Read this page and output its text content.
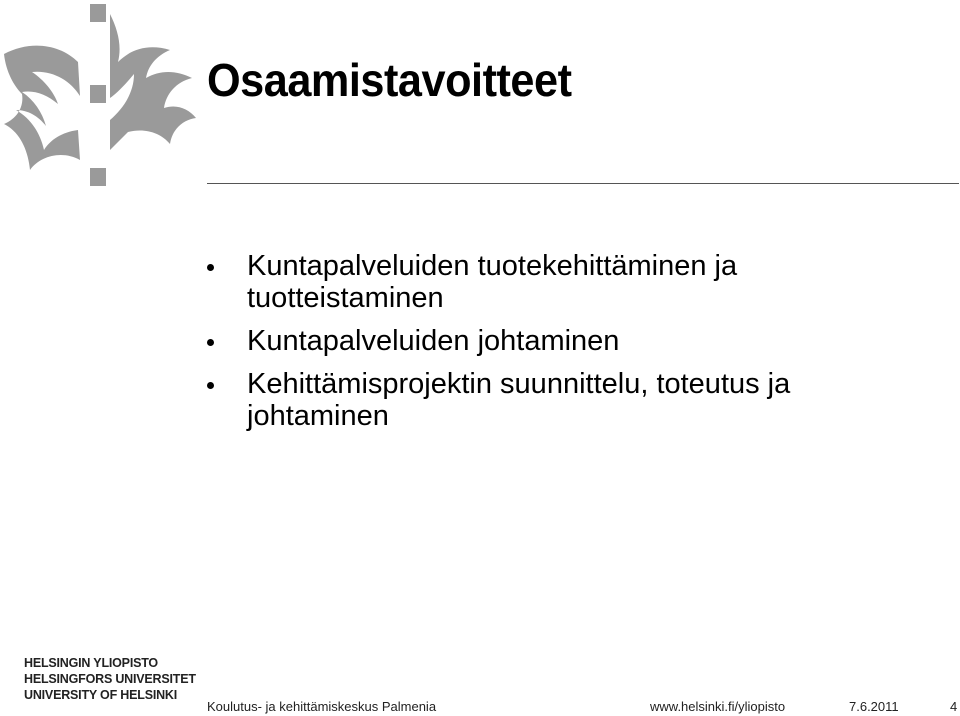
Osaamistavoitteet
Kuntapalveluiden tuotekehittäminen ja tuotteistaminen
Kuntapalveluiden johtaminen
Kehittämisprojektin suunnittelu, toteutus ja johtaminen
HELSINGIN YLIOPISTO
HELSINGFORS UNIVERSITET
UNIVERSITY OF HELSINKI
Koulutus- ja kehittämiskeskus Palmenia	www.helsinki.fi/yliopisto	7.6.2011	4
